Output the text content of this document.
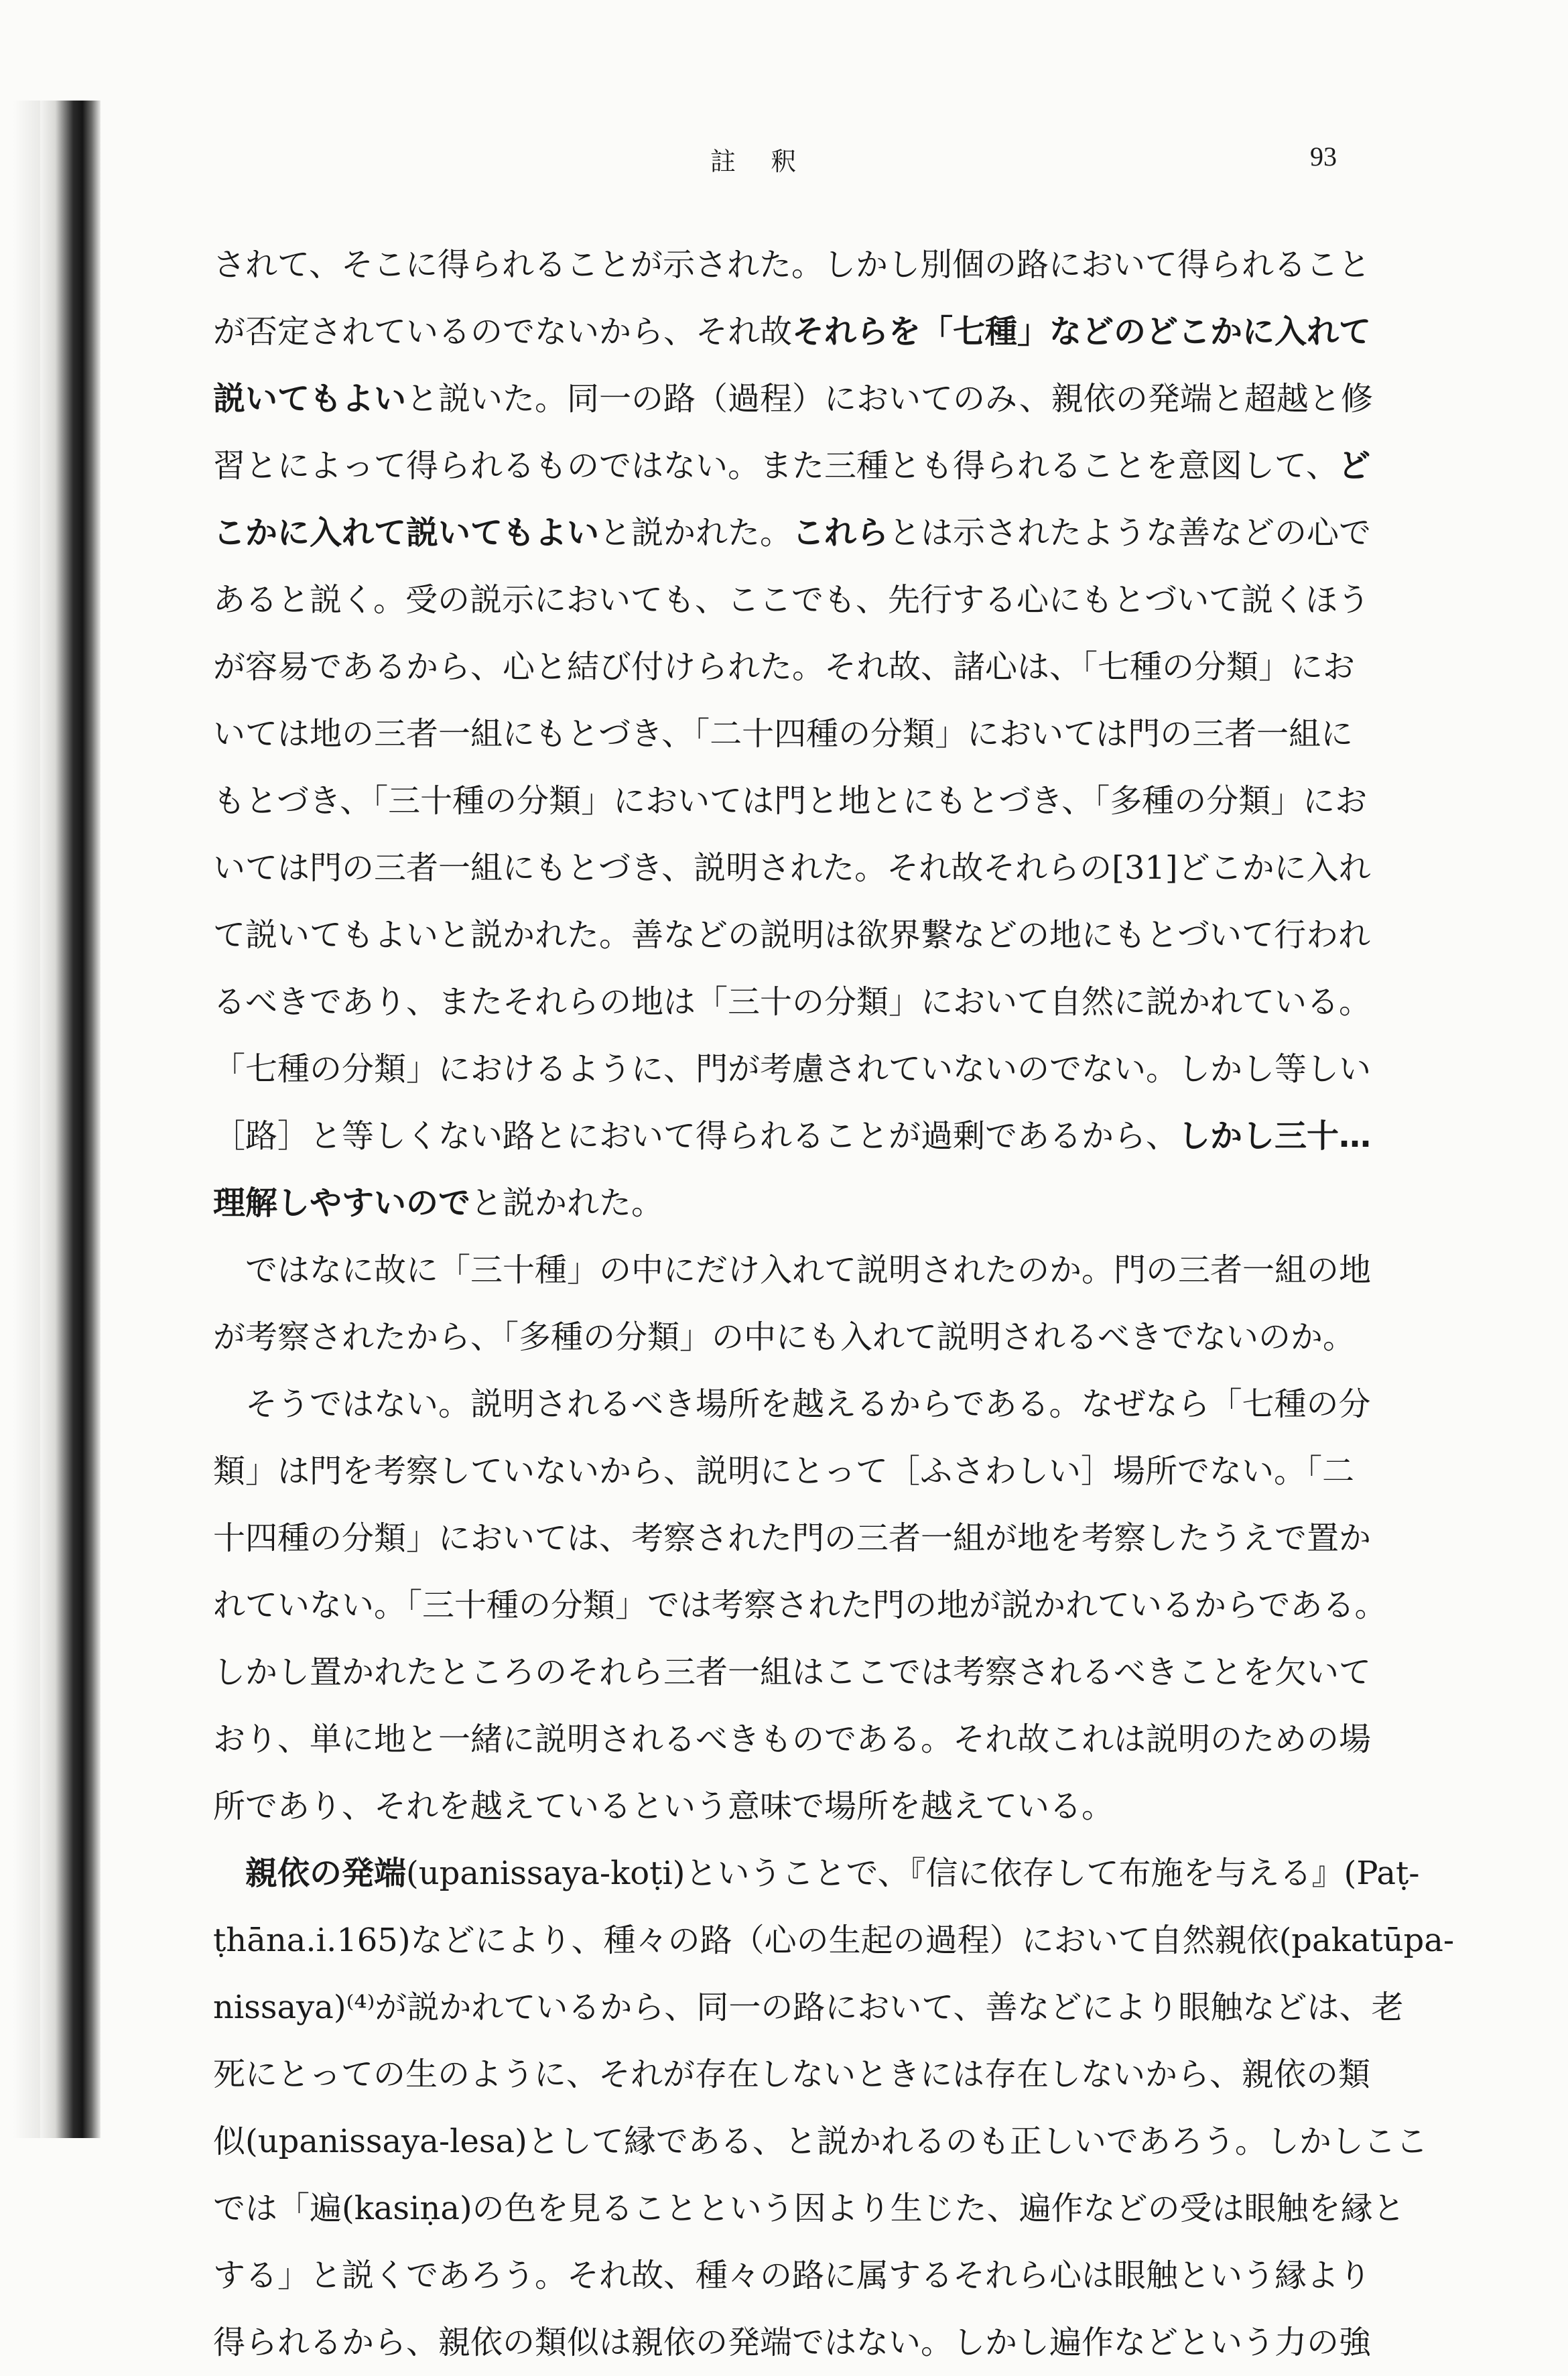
註 釈	93
されて、そこに得られることが示された。しかし別個の路において得られること
が否定されているのでないから、それ故それらを「七種」などのどこかに入れて
説いてもよいと説いた。同一の路（過程）においてのみ、親依の発端と超越と修
習とによって得られるものではない。また三種とも得られることを意図して、ど
こかに入れて説いてもよいと説かれた。これらとは示されたような善などの心で
あると説く。受の説示においても、ここでも、先行する心にもとづいて説くほう
が容易であるから、心と結び付けられた。それ故、諸心は、「七種の分類」にお
いては地の三者一組にもとづき、「二十四種の分類」においては門の三者一組に
もとづき、「三十種の分類」においては門と地とにもとづき、「多種の分類」にお
いては門の三者一組にもとづき、説明された。それ故それらの[31]どこかに入れ
て説いてもよいと説かれた。善などの説明は欲界繋などの地にもとづいて行われ
るべきであり、またそれらの地は「三十の分類」において自然に説かれている。
「七種の分類」におけるように、門が考慮されていないのでない。しかし等しい
［路］と等しくない路とにおいて得られることが過剰であるから、しかし三十…
理解しやすいのでと説かれた。
ではなに故に「三十種」の中にだけ入れて説明されたのか。門の三者一組の地
が考察されたから、「多種の分類」の中にも入れて説明されるべきでないのか。
そうではない。説明されるべき場所を越えるからである。なぜなら「七種の分
類」は門を考察していないから、説明にとって［ふさわしい］場所でない。「二
十四種の分類」においては、考察された門の三者一組が地を考察したうえで置か
れていない。「三十種の分類」では考察された門の地が説かれているからである。
しかし置かれたところのそれら三者一組はここでは考察されるべきことを欠いて
おり、単に地と一緒に説明されるべきものである。それ故これは説明のための場
所であり、それを越えているという意味で場所を越えている。
親依の発端(upanissaya-koṭi)ということで、『信に依存して布施を与える』(Paṭ-
ṭhāna.i.165)などにより、種々の路（心の生起の過程）において自然親依(pakatūpa-
nissaya)⁽⁴⁾が説かれているから、同一の路において、善などにより眼触などは、老
死にとっての生のように、それが存在しないときには存在しないから、親依の類
似(upanissaya-lesa)として縁である、と説かれるのも正しいであろう。しかしここ
では「遍(kasiṇa)の色を見ることという因より生じた、遍作などの受は眼触を縁と
する」と説くであろう。それ故、種々の路に属するそれら心は眼触という縁より
得られるから、親依の類似は親依の発端ではない。しかし遍作などという力の強
